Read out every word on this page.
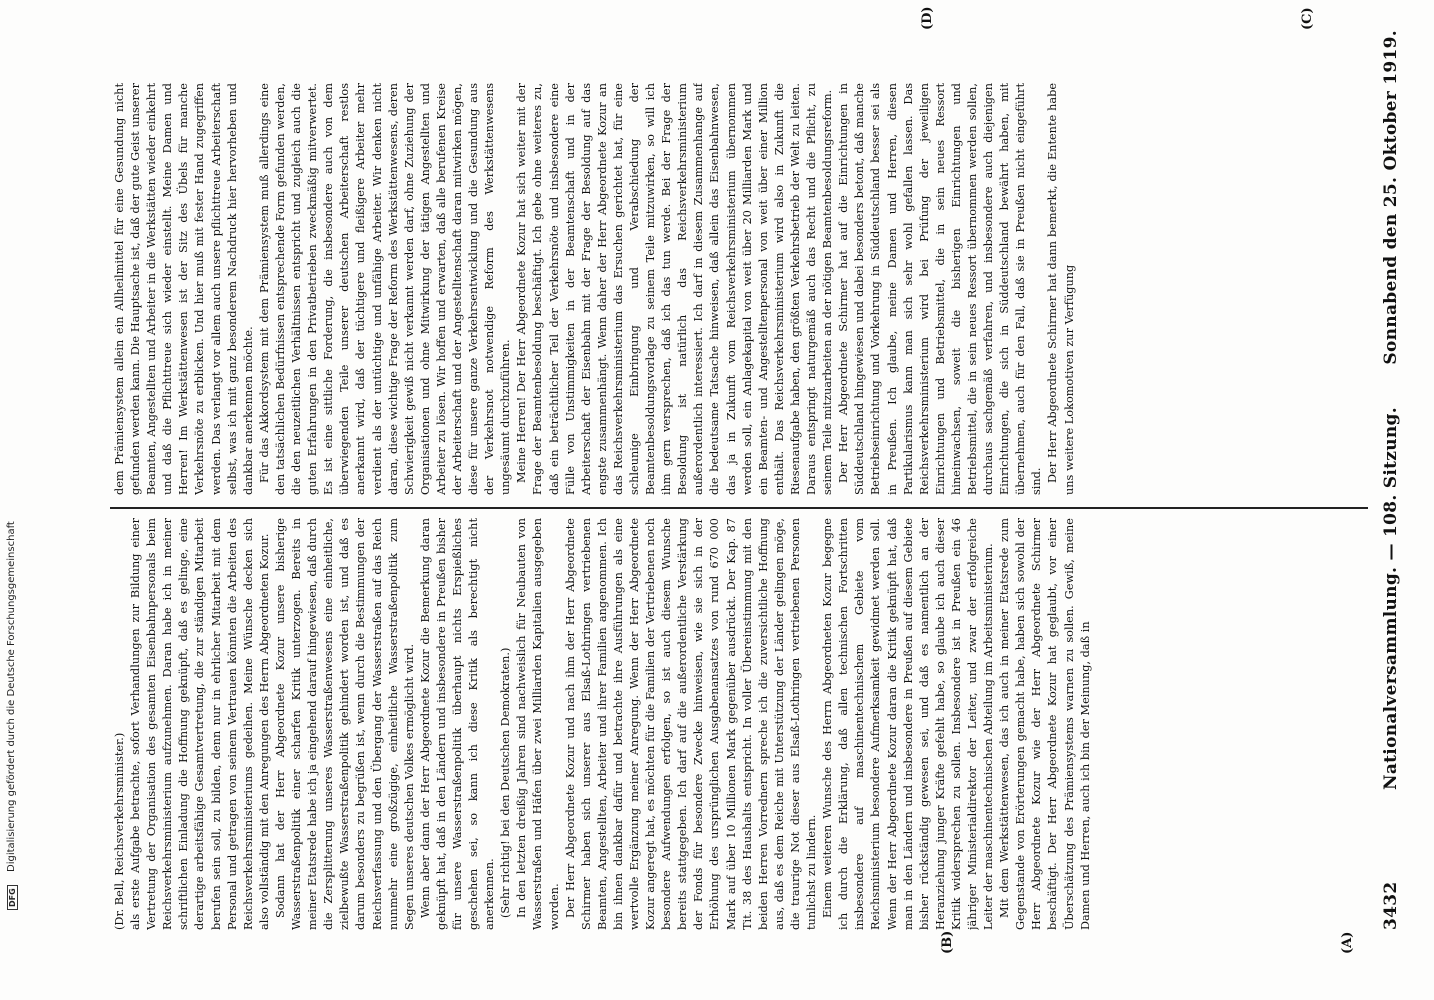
3432
Nationalversammlung. — 108. Sitzung.
Sonnabend den 25. Oktober 1919.
(A)
(B)
(C)
(D)

(Dr. Bell, Reichsverkehrsminister.) als erste Aufgabe betrachte, sofort Verhandlungen zur Bildung einer Vertretung der Organisation des gesamten Eisenbahnpersonals beim Reichsverkehrsministerium aufzunehmen. Daran habe ich in meiner schriftlichen Einladung die Hoffnung geknüpft, daß es gelinge, eine derartige arbeitsfähige Gesamtvertretung, die zur ständigen Mitarbeit berufen sein soll, zu bilden, denn nur in ehrlicher Mitarbeit mit dem Personal und getragen von seinem Vertrauen könnten die Arbeiten des Reichsverkehrsministeriums gedeihen. Meine Wünsche decken sich also vollständig mit den Anregungen des Herrn Abgeordneten Kozur. Sodann hat der Herr Abgeordnete Kozur unsere bisherige Wasserstraßenpolitik einer scharfen Kritik unterzogen. Bereits in meiner Etatsrede habe ich ja eingehend darauf hingewiesen, daß durch die Zersplitterung unseres Wasserstraßenwesens eine einheitliche, zielbewußte Wasserstraßenpolitik gehindert worden ist, und daß es darum besonders zu begrüßen ist, wenn durch die Bestimmungen der Reichsverfassung und den Übergang der Wasserstraßen auf das Reich nunmehr eine großzügige, einheitliche Wasserstraßenpolitik zum Segen unseres deutschen Volkes ermöglicht wird. Wenn aber dann der Herr Abgeordnete Kozur die Bemerkung daran geknüpft hat, daß in den Ländern und insbesondere in Preußen bisher für unsere Wasserstraßenpolitik überhaupt nichts Erspießliches geschehen sei, so kann ich diese Kritik als berechtigt nicht anerkennen. (Sehr richtig! bei den Deutschen Demokraten.) In den letzten dreißig Jahren sind nachweislich für Neubauten von Wasserstraßen und Häfen über zwei Milliarden Kapitalien ausgegeben worden. Der Herr Abgeordnete Kozur und nach ihm der Herr Abgeordnete Schirmer haben sich unserer aus Elsaß-Lothringen vertriebenen Beamten, Angestellten, Arbeiter und ihrer Familien angenommen. Ich bin ihnen dankbar dafür und betrachte ihre Ausführungen als eine wertvolle Ergänzung meiner Anregung. Wenn der Herr Abgeordnete Kozur angeregt hat, es möchten für die Familien der Vertriebenen noch besondere Aufwendungen erfolgen, so ist auch diesem Wunsche bereits stattgegeben. Ich darf auf die außerordentliche Verstärkung der Fonds für besondere Zwecke hinweisen, wie sie sich in der Erhöhung des ursprünglichen Ausgabenansatzes von rund 670 000 Mark auf über 10 Millionen Mark gegenüber ausdrückt. Der Kap. 87 Tit. 38 des Haushalts entspricht. In voller Übereinstimmung mit den beiden Herren Vorrednern spreche ich die zuversichtliche Hoffnung aus, daß es dem Reiche mit Unterstützung der Länder gelingen möge, die traurige Not dieser aus Elsaß-Lothringen vertriebenen Personen tunlichst zu lindern. Einem weiteren Wunsche des Herrn Abgeordneten Kozur begegne ich durch die Erklärung, daß allen technischen Fortschritten insbesondere auf maschinentechnischem Gebiete vom Reichsministerium besondere Aufmerksamkeit gewidmet werden soll. Wenn der Herr Abgeordnete Kozur daran die Kritik geknüpft hat, daß man in den Ländern und insbesondere in Preußen auf diesem Gebiete bisher rückständig gewesen sei, und daß es namentlich an der Heranziehung junger Kräfte gefehlt habe, so glaube ich auch dieser Kritik widersprechen zu sollen. Insbesondere ist in Preußen ein 46 jähriger Ministerialdirektor der Leiter, und zwar der erfolgreiche Leiter der maschinentechnischen Abteilung im Arbeitsministerium. Mit dem Werkstättenwesen, das ich auch in meiner Etatsrede zum Gegenstande von Erörterungen gemacht habe, haben sich sowohl der Herr Abgeordnete Kozur wie der Herr Abgeordnete Schirmer beschäftigt. Der Herr Abgeordnete Kozur hat geglaubt, vor einer Überschätzung des Prämiensystems warnen zu sollen. Gewiß, meine Damen und Herren, auch ich bin der Meinung, daß in

dem Prämiensystem allein ein Allheilmittel für eine Gesundung nicht gefunden werden kann. Die Hauptsache ist, daß der gute Geist unserer Beamten, Angestellten und Arbeiter in die Werkstätten wieder einkehrt und daß die Pflichttreue sich wieder einstellt. Meine Damen und Herren! Im Werkstättenwesen ist der Sitz des Übels für manche Verkehrsnöte zu erblicken. Und hier muß mit fester Hand zugegriffen werden. Das verlangt vor allem auch unsere pflichttreue Arbeiterschaft selbst, was ich mit ganz besonderem Nachdruck hier hervorheben und dankbar anerkennen möchte. Für das Akkordsystem mit dem Prämiensystem muß allerdings eine den tatsächlichen Bedürfnissen entsprechende Form gefunden werden, die den neuzeitlichen Verhältnissen entspricht und zugleich auch die guten Erfahrungen in den Privatbetrieben zweckmäßig mitverwertet. Es ist eine sittliche Forderung, die insbesondere auch von dem überwiegenden Teile unserer deutschen Arbeiterschaft restlos anerkannt wird, daß der tüchtigere und fleißigere Arbeiter mehr verdient als der untüchtige und unfähige Arbeiter. Wir denken nicht daran, diese wichtige Frage der Reform des Werkstättenwesens, deren Schwierigkeit gewiß nicht verkannt werden darf, ohne Zuziehung der Organisationen und ohne Mitwirkung der tätigen Angestellten und Arbeiter zu lösen. Wir hoffen und erwarten, daß alle berufenen Kreise der Arbeiterschaft und der Angestelltenschaft daran mitwirken mögen, diese für unsere ganze Verkehrsentwicklung und die Gesundung aus der Verkehrsnot notwendige Reform des Werkstättenwesens ungesäumt durchzuführen. Meine Herren! Der Herr Abgeordnete Kozur hat sich weiter mit der Frage der Beamtenbesoldung beschäftigt. Ich gebe ohne weiteres zu, daß ein beträchtlicher Teil der Verkehrsnöte und insbesondere eine Fülle von Unstimmigkeiten in der Beamtenschaft und in der Arbeiterschaft der Eisenbahn mit der Frage der Besoldung auf das engste zusammenhängt. Wenn daher der Herr Abgeordnete Kozur an das Reichsverkehrsministerium das Ersuchen gerichtet hat, für eine schleunige Einbringung und Verabschiedung der Beamtenbesoldungsvorlage zu seinem Teile mitzuwirken, so will ich ihm gern versprechen, daß ich das tun werde. Bei der Frage der Besoldung ist natürlich das Reichsverkehrsministerium außerordentlich interessiert. Ich darf in diesem Zusammenhange auf die bedeutsame Tatsache hinweisen, daß allein das Eisenbahnwesen, das ja in Zukunft vom Reichsverkehrsministerium übernommen werden soll, ein Anlagekapital von weit über 20 Milliarden Mark und ein Beamten- und Angestelltenpersonal von weit über einer Million enthält. Das Reichsverkehrsministerium wird also in Zukunft die Riesenaufgabe haben, den größten Verkehrsbetrieb der Welt zu leiten. Daraus entspringt naturgemäß auch das Recht und die Pflicht, zu seinem Teile mitzuarbeiten an der nötigen Beamtenbesoldungsreform. Der Herr Abgeordnete Schirmer hat auf die Einrichtungen in Süddeutschland hingewiesen und dabei besonders betont, daß manche Betriebseinrichtung und Vorkehrung in Süddeutschland besser sei als in Preußen. Ich glaube, meine Damen und Herren, diesen Partikularismus kann man sich sehr wohl gefallen lassen. Das Reichsverkehrsministerium wird bei Prüfung der jeweiligen Einrichtungen und Betriebsmittel, die in sein neues Ressort hineinwachsen, soweit die bisherigen Einrichtungen und Betriebsmittel, die in sein neues Ressort übernommen werden sollen, durchaus sachgemäß verfahren, und insbesondere auch diejenigen Einrichtungen, die sich in Süddeutschland bewährt haben, mit übernehmen, auch für den Fall, daß sie in Preußen nicht eingeführt sind. Der Herr Abgeordnete Schirmer hat dann bemerkt, die Entente habe uns weitere Lokomotiven zur Verfügung

DFG
Digitalisierung gefördert durch die Deutsche Forschungsgemeinschaft
